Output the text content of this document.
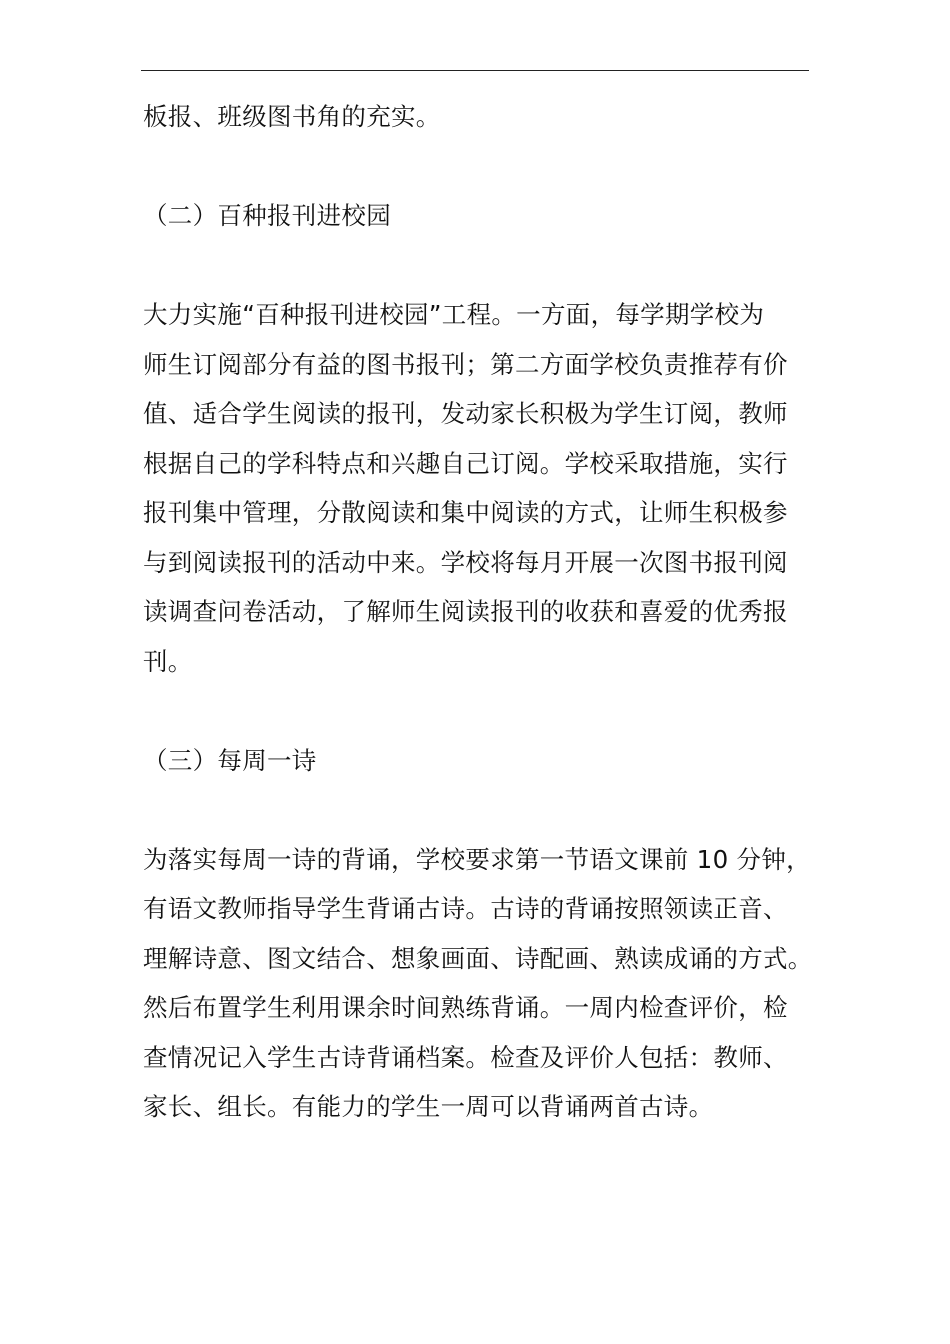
板报、班级图书角的充实。
（二）百种报刊进校园
大力实施“百种报刊进校园”工程。一方面，每学期学校为
师生订阅部分有益的图书报刊；第二方面学校负责推荐有价
值、适合学生阅读的报刊，发动家长积极为学生订阅，教师
根据自己的学科特点和兴趣自己订阅。学校采取措施，实行
报刊集中管理，分散阅读和集中阅读的方式，让师生积极参
与到阅读报刊的活动中来。学校将每月开展一次图书报刊阅
读调查问卷活动，了解师生阅读报刊的收获和喜爱的优秀报
刊。
（三）每周一诗
为落实每周一诗的背诵，学校要求第一节语文课前 10 分钟，
有语文教师指导学生背诵古诗。古诗的背诵按照领读正音、
理解诗意、图文结合、想象画面、诗配画、熟读成诵的方式。
然后布置学生利用课余时间熟练背诵。一周内检查评价，检
查情况记入学生古诗背诵档案。检查及评价人包括：教师、
家长、组长。有能力的学生一周可以背诵两首古诗。
